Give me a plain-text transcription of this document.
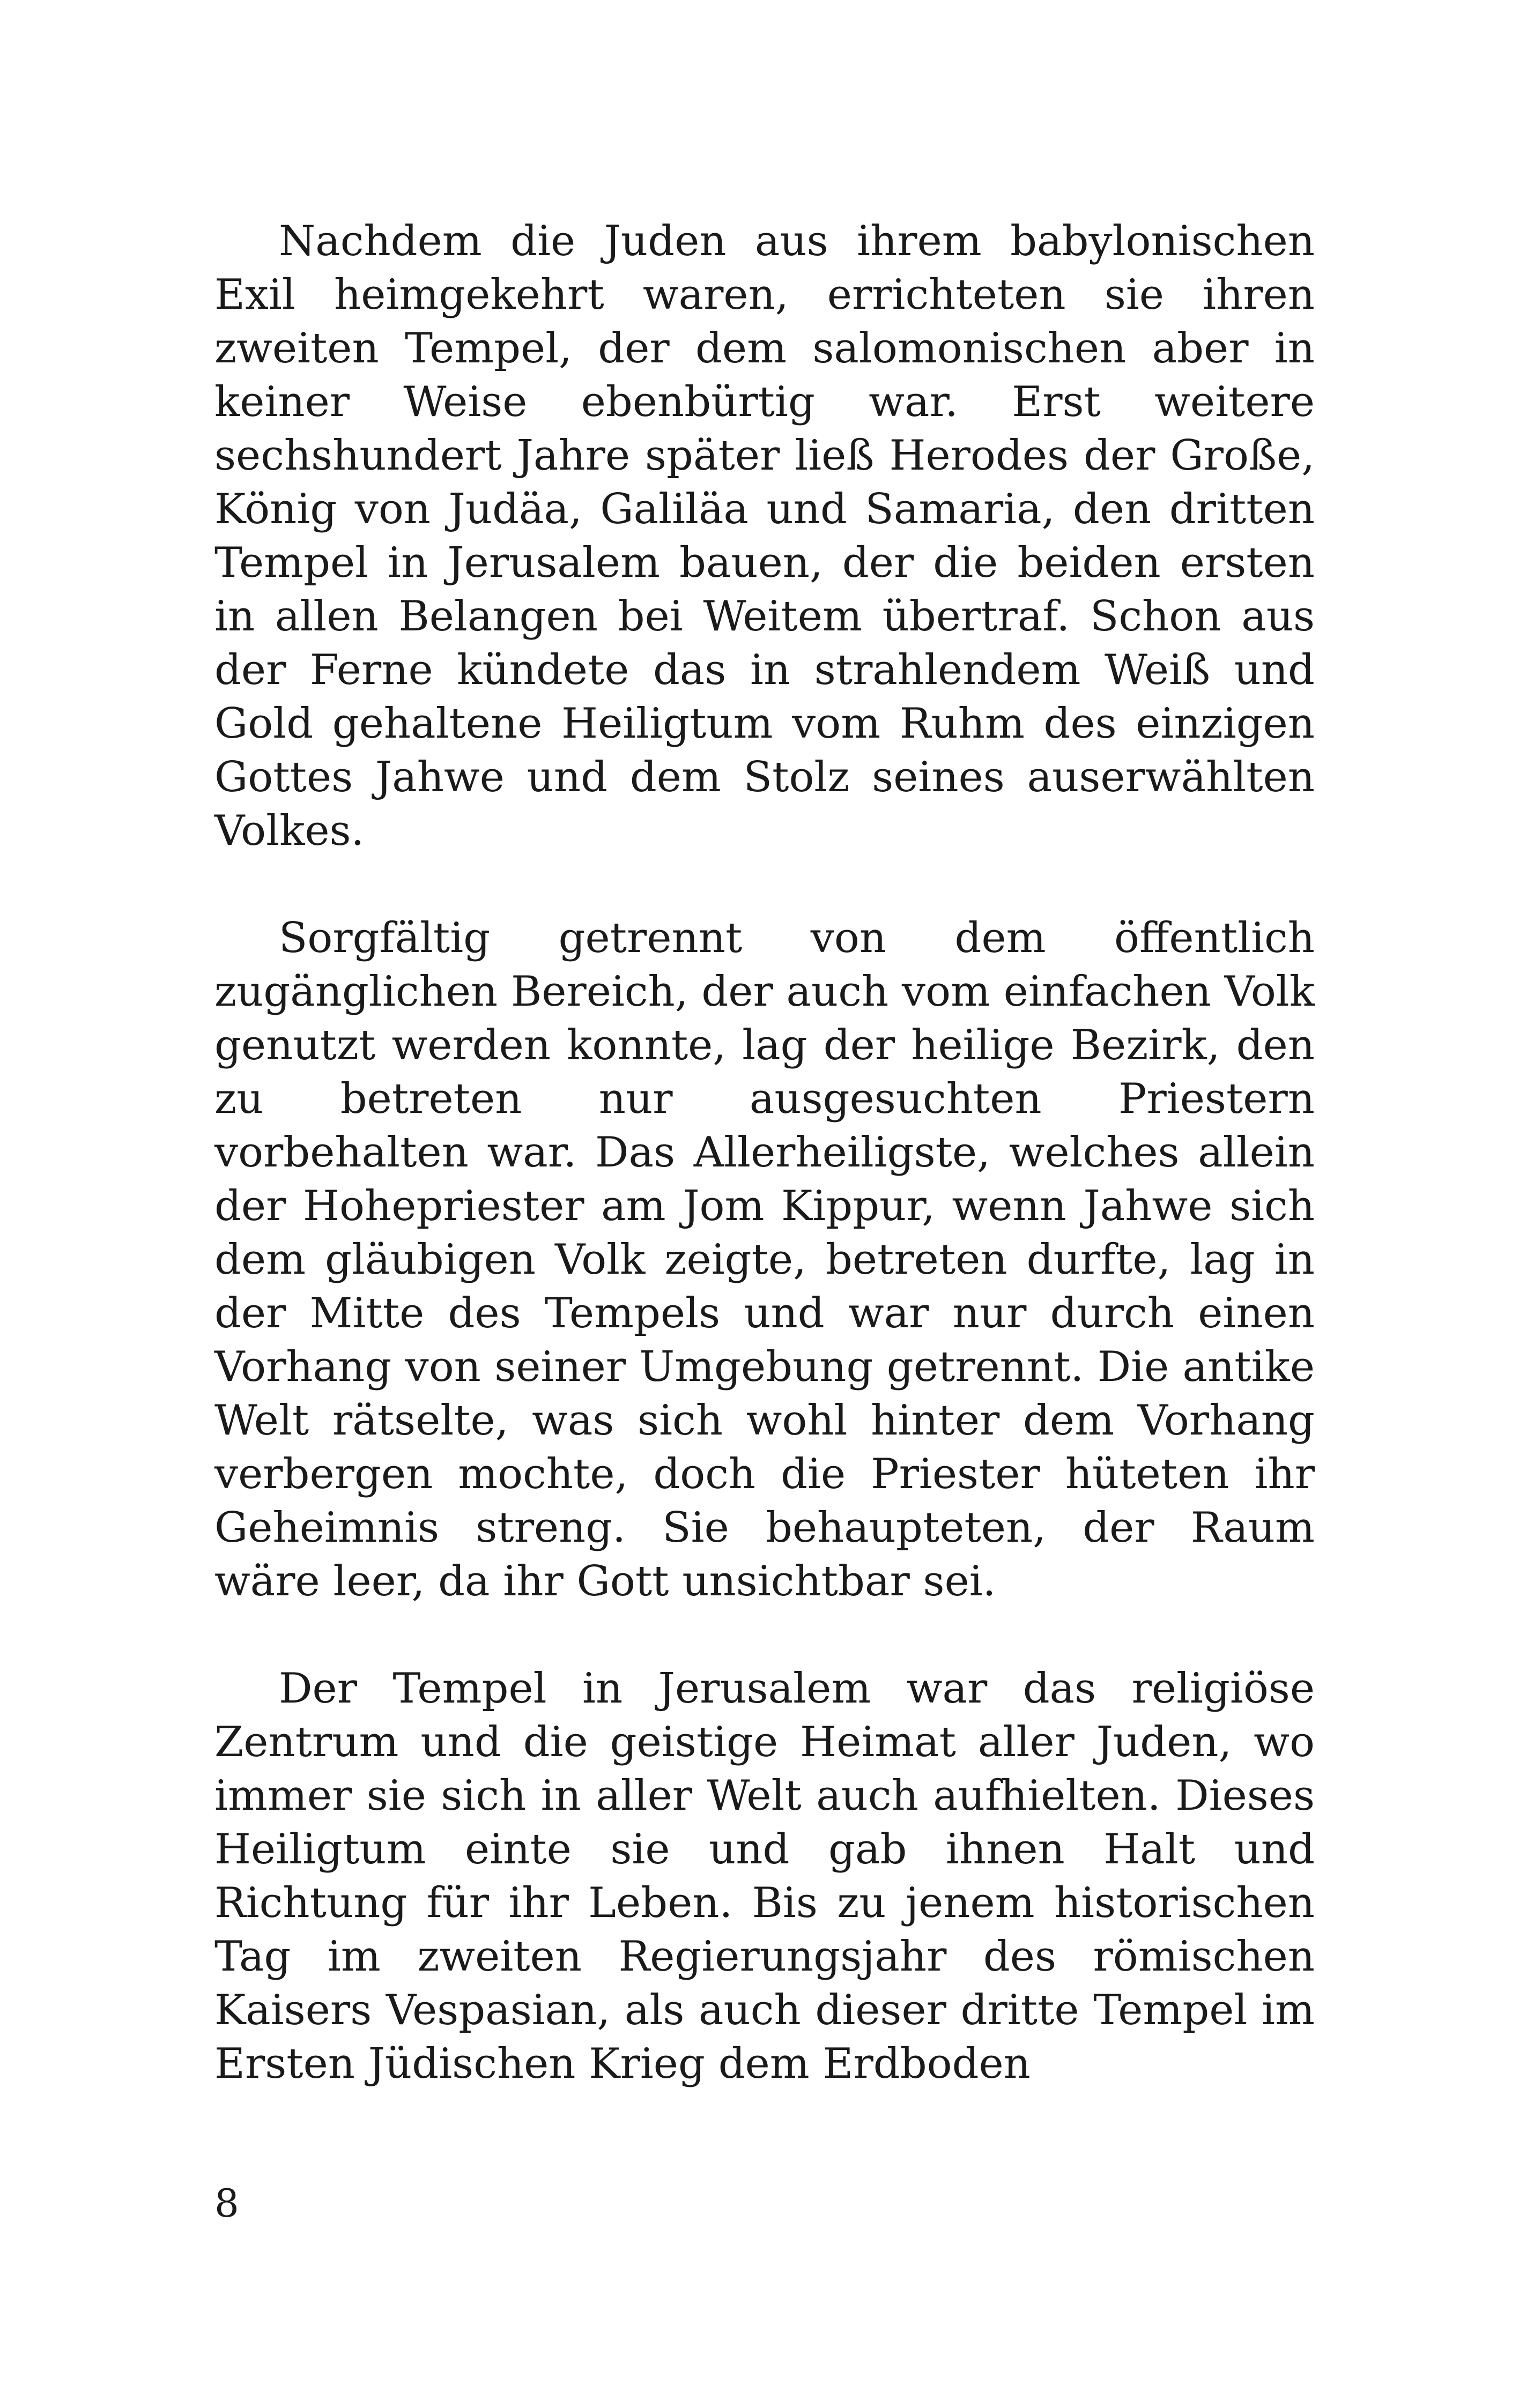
Nachdem die Juden aus ihrem babylonischen Exil heimgekehrt waren, errichteten sie ihren zweiten Tempel, der dem salomonischen aber in keiner Weise ebenbürtig war. Erst weitere sechshundert Jahre später ließ Herodes der Große, König von Judäa, Galiläa und Samaria, den dritten Tempel in Jerusalem bauen, der die beiden ersten in allen Belangen bei Weitem übertraf. Schon aus der Ferne kündete das in strahlendem Weiß und Gold gehaltene Heiligtum vom Ruhm des einzigen Gottes Jahwe und dem Stolz seines auserwählten Volkes.

Sorgfältig getrennt von dem öffentlich zugänglichen Bereich, der auch vom einfachen Volk genutzt werden konnte, lag der heilige Bezirk, den zu betreten nur ausgesuchten Priestern vorbehalten war. Das Allerheiligste, welches allein der Hohepriester am Jom Kippur, wenn Jahwe sich dem gläubigen Volk zeigte, betreten durfte, lag in der Mitte des Tempels und war nur durch einen Vorhang von seiner Umgebung getrennt. Die antike Welt rätselte, was sich wohl hinter dem Vorhang verbergen mochte, doch die Priester hüteten ihr Geheimnis streng. Sie behaupteten, der Raum wäre leer, da ihr Gott unsichtbar sei.

Der Tempel in Jerusalem war das religiöse Zentrum und die geistige Heimat aller Juden, wo immer sie sich in aller Welt auch aufhielten. Dieses Heiligtum einte sie und gab ihnen Halt und Richtung für ihr Leben. Bis zu jenem historischen Tag im zweiten Regierungsjahr des römischen Kaisers Vespasian, als auch dieser dritte Tempel im Ersten Jüdischen Krieg dem Erdboden

8
